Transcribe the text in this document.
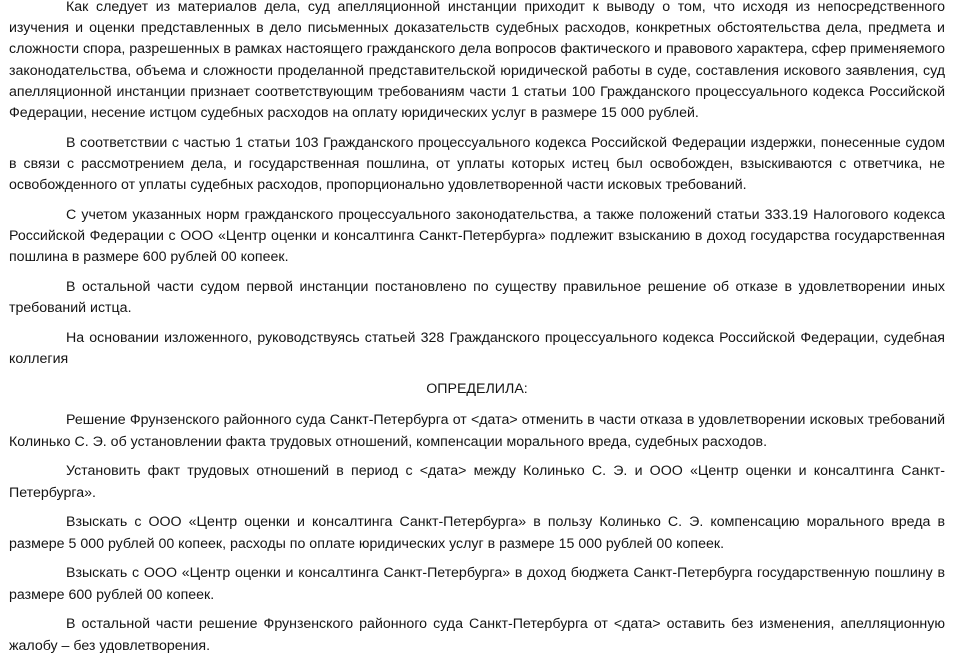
Как следует из материалов дела, суд апелляционной инстанции приходит к выводу о том, что исходя из непосредственного изучения и оценки представленных в дело письменных доказательств судебных расходов, конкретных обстоятельства дела, предмета и сложности спора, разрешенных в рамках настоящего гражданского дела вопросов фактического и правового характера, сфер применяемого законодательства, объема и сложности проделанной представительской юридической работы в суде, составления искового заявления, суд апелляционной инстанции признает соответствующим требованиям части 1 статьи 100 Гражданского процессуального кодекса Российской Федерации, несение истцом судебных расходов на оплату юридических услуг в размере 15 000 рублей.

В соответствии с частью 1 статьи 103 Гражданского процессуального кодекса Российской Федерации издержки, понесенные судом в связи с рассмотрением дела, и государственная пошлина, от уплаты которых истец был освобожден, взыскиваются с ответчика, не освобожденного от уплаты судебных расходов, пропорционально удовлетворенной части исковых требований.

С учетом указанных норм гражданского процессуального законодательства, а также положений статьи 333.19 Налогового кодекса Российской Федерации с ООО «Центр оценки и консалтинга Санкт-Петербурга» подлежит взысканию в доход государства государственная пошлина в размере 600 рублей 00 копеек.

В остальной части судом первой инстанции постановлено по существу правильное решение об отказе в удовлетворении иных требований истца.

На основании изложенного, руководствуясь статьей 328 Гражданского процессуального кодекса Российской Федерации, судебная коллегия

ОПРЕДЕЛИЛА:

Решение Фрунзенского районного суда Санкт-Петербурга от <дата> отменить в части отказа в удовлетворении исковых требований Колинько С. Э. об установлении факта трудовых отношений, компенсации морального вреда, судебных расходов.

Установить факт трудовых отношений в период с <дата> между Колинько С. Э. и ООО «Центр оценки и консалтинга Санкт-Петербурга».

Взыскать с ООО «Центр оценки и консалтинга Санкт-Петербурга» в пользу Колинько С. Э. компенсацию морального вреда в размере 5 000 рублей 00 копеек, расходы по оплате юридических услуг в размере 15 000 рублей 00 копеек.

Взыскать с ООО «Центр оценки и консалтинга Санкт-Петербурга» в доход бюджета Санкт-Петербурга государственную пошлину в размере 600 рублей 00 копеек.

В остальной части решение Фрунзенского районного суда Санкт-Петербурга от <дата> оставить без изменения, апелляционную жалобу – без удовлетворения.
